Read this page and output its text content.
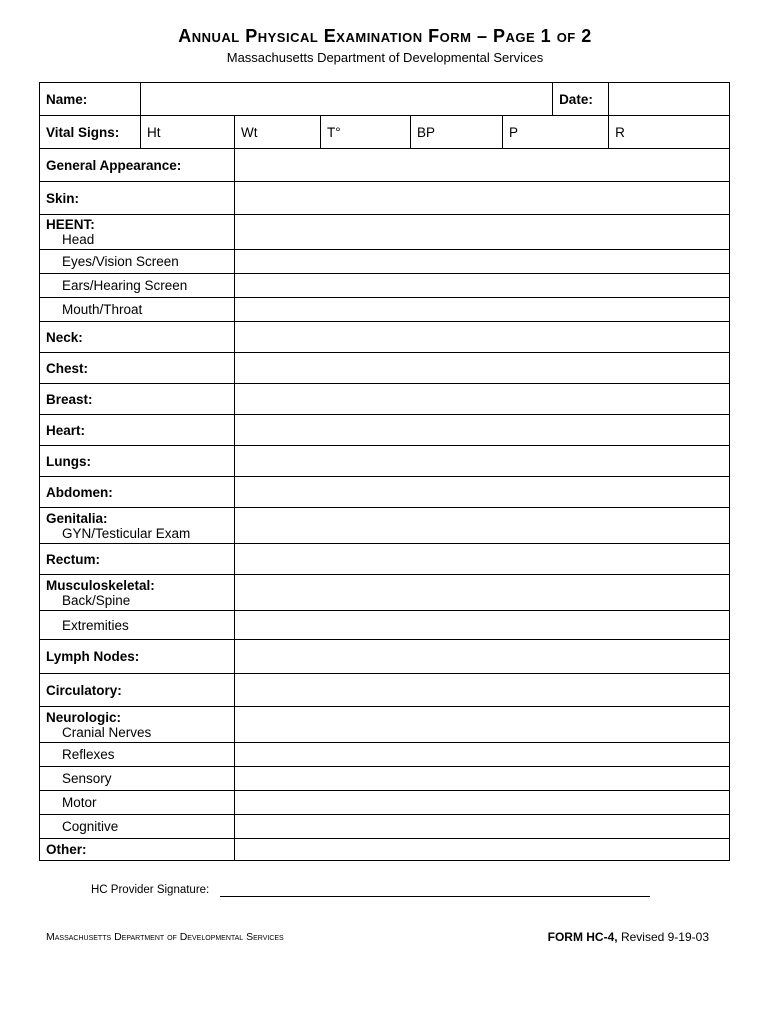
Annual Physical Examination Form – Page 1 of 2
Massachusetts Department of Developmental Services
Name:						Date:	
Vital Signs:	Ht	Wt	T°	BP	P		R
General Appearance:							
Skin:							
HEENT:
Head							

Eyes/Vision Screen							
Ears/Hearing Screen							
Mouth/Throat							
Neck:							
Chest:							
Breast:							
Heart:							
Lungs:							
Abdomen:							
Genitalia:
GYN/Testicular Exam							

Rectum:							
Musculoskeletal:
Back/Spine							

Extremities							
Lymph Nodes:							
Circulatory:							
Neurologic:
Cranial Nerves							

Reflexes							
Sensory							
Motor							
Cognitive							
Other:							
HC Provider Signature:
Massachusetts Department of Developmental Services	FORM HC-4, Revised 9-19-03
